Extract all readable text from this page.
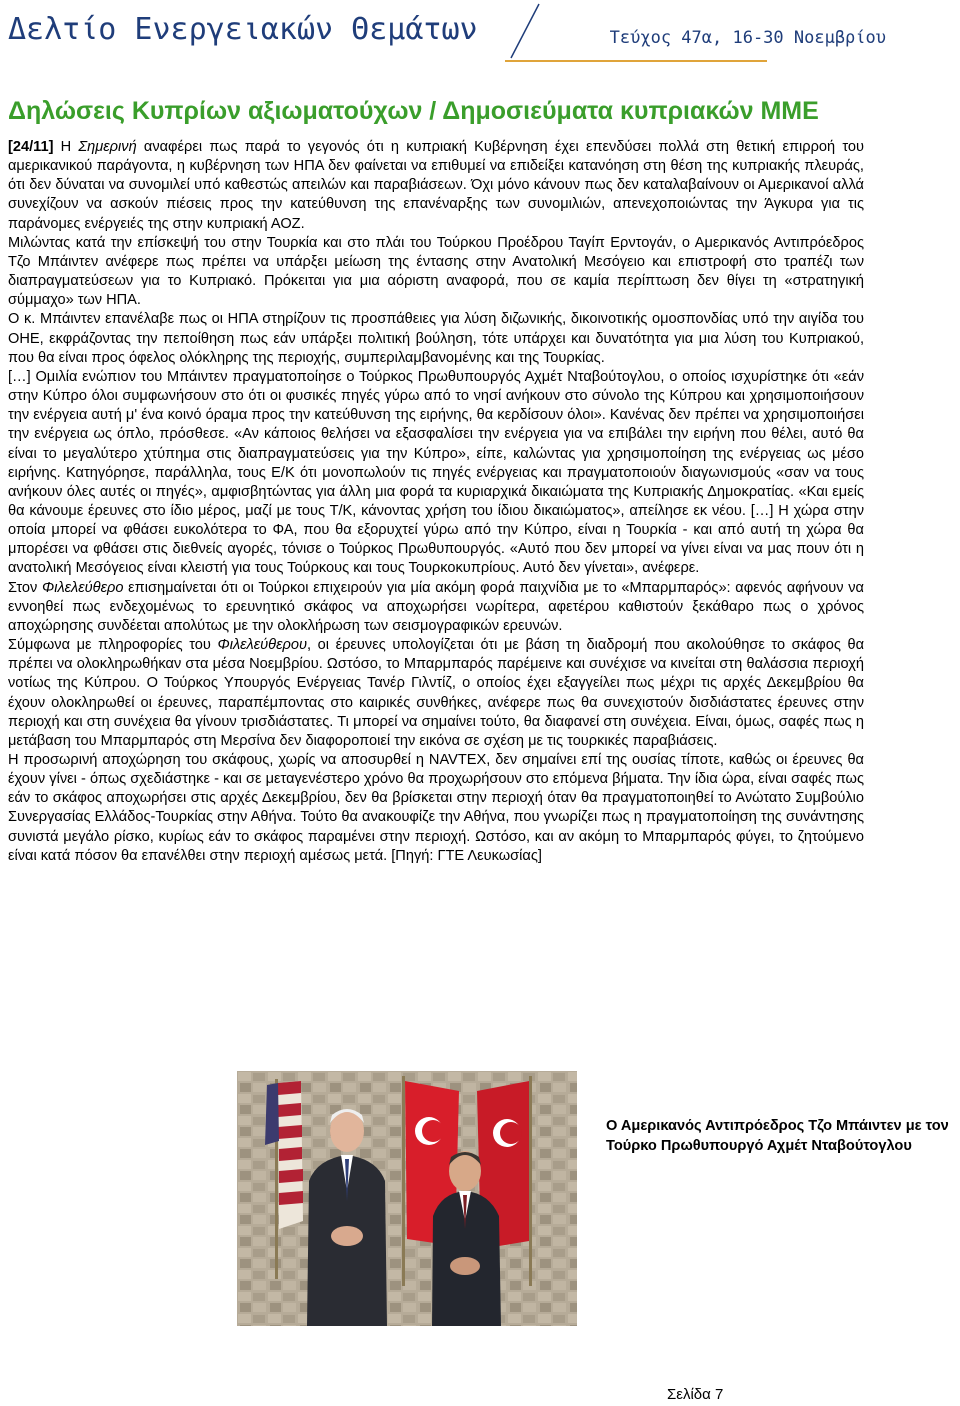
Δελτίο Ενεργειακών Θεμάτων	Τεύχος 47α, 16-30 Νοεμβρίου
Δηλώσεις Κυπρίων αξιωματούχων / Δημοσιεύματα κυπριακών ΜΜΕ

[24/11] Η Σημερινή αναφέρει πως παρά το γεγονός ότι η κυπριακή Κυβέρνηση έχει επενδύσει πολλά στη θετική επιρροή του αμερικανικού παράγοντα, η κυβέρνηση των ΗΠΑ δεν φαίνεται να επιθυμεί να επιδείξει κατανόηση στη θέση της κυπριακής πλευράς, ότι δεν δύναται να συνομιλεί υπό καθεστώς απειλών και παραβιάσεων. Όχι μόνο κάνουν πως δεν καταλαβαίνουν οι Αμερικανοί αλλά συνεχίζουν να ασκούν πιέσεις προς την κατεύθυνση της επανέναρξης των συνομιλιών, απενεχοποιώντας την Άγκυρα για τις παράνομες ενέργειές της στην κυπριακή ΑΟΖ.

Μιλώντας κατά την επίσκεψή του στην Τουρκία και στο πλάι του Τούρκου Προέδρου Ταγίπ Ερντογάν, ο Αμερικανός Αντιπρόεδρος Τζο Μπάιντεν ανέφερε πως πρέπει να υπάρξει μείωση της έντασης στην Ανατολική Μεσόγειο και επιστροφή στο τραπέζι των διαπραγματεύσεων για το Κυπριακό. Πρόκειται για μια αόριστη αναφορά, που σε καμία περίπτωση δεν θίγει τη «στρατηγική σύμμαχο» των ΗΠΑ.

Ο κ. Μπάιντεν επανέλαβε πως οι ΗΠΑ στηρίζουν τις προσπάθειες για λύση διζωνικής, δικοινοτικής ομοσπονδίας υπό την αιγίδα του ΟΗΕ, εκφράζοντας την πεποίθηση πως εάν υπάρξει πολιτική βούληση, τότε υπάρχει και δυνατότητα για μια λύση του Κυπριακού, που θα είναι προς όφελος ολόκληρης της περιοχής, συμπεριλαμβανομένης και της Τουρκίας.

[…] Ομιλία ενώπιον του Μπάιντεν πραγματοποίησε ο Τούρκος Πρωθυπουργός Αχμέτ Νταβούτογλου, ο οποίος ισχυρίστηκε ότι «εάν στην Κύπρο όλοι συμφωνήσουν στο ότι οι φυσικές πηγές γύρω από το νησί ανήκουν στο σύνολο της Κύπρου και χρησιμοποιήσουν την ενέργεια αυτή μ' ένα κοινό όραμα προς την κατεύθυνση της ειρήνης, θα κερδίσουν όλοι». Κανένας δεν πρέπει να χρησιμοποιήσει την ενέργεια ως όπλο, πρόσθεσε. «Αν κάποιος θελήσει να εξασφαλίσει την ενέργεια για να επιβάλει την ειρήνη που θέλει, αυτό θα είναι το μεγαλύτερο χτύπημα στις διαπραγματεύσεις για την Κύπρο», είπε, καλώντας για χρησιμοποίηση της ενέργειας ως μέσο ειρήνης. Κατηγόρησε, παράλληλα, τους Ε/Κ ότι μονοπωλούν τις πηγές ενέργειας και πραγματοποιούν διαγωνισμούς «σαν να τους ανήκουν όλες αυτές οι πηγές», αμφισβητώντας για άλλη μια φορά τα κυριαρχικά δικαιώματα της Κυπριακής Δημοκρατίας. «Και εμείς θα κάνουμε έρευνες στο ίδιο μέρος, μαζί με τους Τ/Κ, κάνοντας χρήση του ίδιου δικαιώματος», απείλησε εκ νέου. […] Η χώρα στην οποία μπορεί να φθάσει ευκολότερα το ΦΑ, που θα εξορυχτεί γύρω από την Κύπρο, είναι η Τουρκία - και από αυτή τη χώρα θα μπορέσει να φθάσει στις διεθνείς αγορές, τόνισε ο Τούρκος Πρωθυπουργός. «Αυτό που δεν μπορεί να γίνει είναι να μας πουν ότι η ανατολική Μεσόγειος είναι κλειστή για τους Τούρκους και τους Τουρκοκυπρίους. Αυτό δεν γίνεται», ανέφερε.

Στον Φιλελεύθερο επισημαίνεται ότι οι Τούρκοι επιχειρούν για μία ακόμη φορά παιχνίδια με το «Μπαρμπαρός»: αφενός αφήνουν να εννοηθεί πως ενδεχομένως το ερευνητικό σκάφος να αποχωρήσει νωρίτερα, αφετέρου καθιστούν ξεκάθαρο πως ο χρόνος αποχώρησης συνδέεται απολύτως με την ολοκλήρωση των σεισμογραφικών ερευνών.

Σύμφωνα με πληροφορίες του Φιλελεύθερου, οι έρευνες υπολογίζεται ότι με βάση τη διαδρομή που ακολούθησε το σκάφος θα πρέπει να ολοκληρωθήκαν στα μέσα Νοεμβρίου. Ωστόσο, το Μπαρμπαρός παρέμεινε και συνέχισε να κινείται στη θαλάσσια περιοχή νοτίως της Κύπρου. Ο Τούρκος Υπουργός Ενέργειας Τανέρ Γιλντίζ, ο οποίος έχει εξαγγείλει πως μέχρι τις αρχές Δεκεμβρίου θα έχουν ολοκληρωθεί οι έρευνες, παραπέμποντας στο καιρικές συνθήκες, ανέφερε πως θα συνεχιστούν δισδιάστατες έρευνες στην περιοχή και στη συνέχεια θα γίνουν τρισδιάστατες. Τι μπορεί να σημαίνει τούτο, θα διαφανεί στη συνέχεια. Είναι, όμως, σαφές πως η μετάβαση του Μπαρμπαρός στη Μερσίνα δεν διαφοροποιεί την εικόνα σε σχέση με τις τουρκικές παραβιάσεις.

Η προσωρινή αποχώρηση του σκάφους, χωρίς να αποσυρθεί η NAVTEX, δεν σημαίνει επί της ουσίας τίποτε, καθώς οι έρευνες θα έχουν γίνει - όπως σχεδιάστηκε - και σε μεταγενέστερο χρόνο θα προχωρήσουν στο επόμενα βήματα. Την ίδια ώρα, είναι σαφές πως εάν το σκάφος αποχωρήσει στις αρχές Δεκεμβρίου, δεν θα βρίσκεται στην περιοχή όταν θα πραγματοποιηθεί το Ανώτατο Συμβούλιο Συνεργασίας Ελλάδος-Τουρκίας στην Αθήνα. Τούτο θα ανακουφίζε την Αθήνα, που γνωρίζει πως η πραγματοποίηση της συνάντησης συνιστά μεγάλο ρίσκο, κυρίως εάν το σκάφος παραμένει στην περιοχή. Ωστόσο, και αν ακόμη το Μπαρμπαρός φύγει, το ζητούμενο είναι κατά πόσον θα επανέλθει στην περιοχή αμέσως μετά. [Πηγή: ΓΤΕ Λευκωσίας]

Ο Αμερικανός Αντιπρόεδρος Τζο Μπάιντεν με τον Τούρκο Πρωθυπουργό Αχμέτ Νταβούτογλου
Σελίδα 7
